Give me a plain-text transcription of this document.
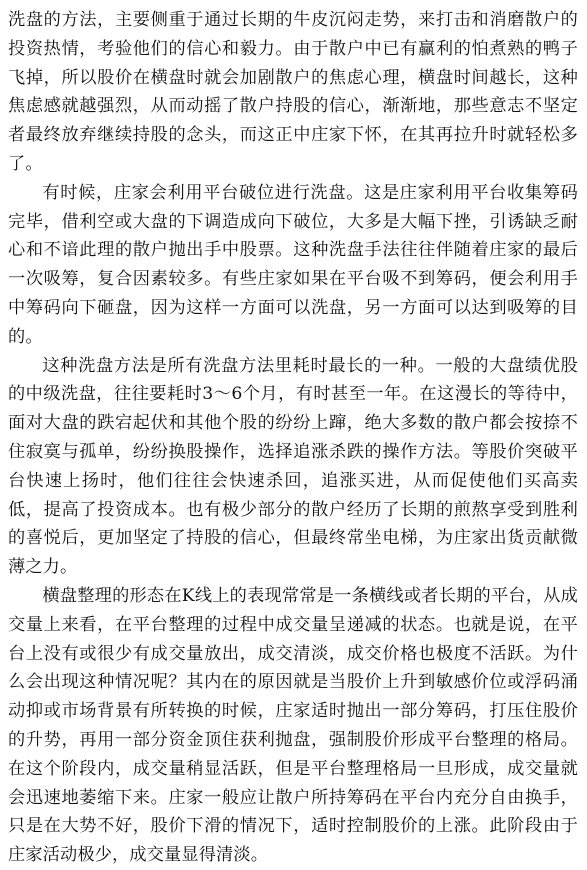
洗盘的方法，主要侧重于通过长期的牛皮沉闷走势，来打击和消磨散户的投资热情，考验他们的信心和毅力。由于散户中已有赢利的怕煮熟的鸭子飞掉，所以股价在横盘时就会加剧散户的焦虑心理，横盘时间越长，这种焦虑感就越强烈，从而动摇了散户持股的信心，渐渐地，那些意志不坚定者最终放弃继续持股的念头，而这正中庄家下怀，在其再拉升时就轻松多了。

有时候，庄家会利用平台破位进行洗盘。这是庄家利用平台收集筹码完毕，借利空或大盘的下调造成向下破位，大多是大幅下挫，引诱缺乏耐心和不谙此理的散户抛出手中股票。这种洗盘手法往往伴随着庄家的最后一次吸筹，复合因素较多。有些庄家如果在平台吸不到筹码，便会利用手中筹码向下砸盘，因为这样一方面可以洗盘，另一方面可以达到吸筹的目的。

这种洗盘方法是所有洗盘方法里耗时最长的一种。一般的大盘绩优股的中级洗盘，往往要耗时3～6个月，有时甚至一年。在这漫长的等待中，面对大盘的跌宕起伏和其他个股的纷纷上蹿，绝大多数的散户都会按捺不住寂寞与孤单，纷纷换股操作，选择追涨杀跌的操作方法。等股价突破平台快速上扬时，他们往往会快速杀回，追涨买进，从而促使他们买高卖低，提高了投资成本。也有极少部分的散户经历了长期的煎熬享受到胜利的喜悦后，更加坚定了持股的信心，但最终常坐电梯，为庄家出货贡献微薄之力。

横盘整理的形态在K线上的表现常常是一条横线或者长期的平台，从成交量上来看，在平台整理的过程中成交量呈递减的状态。也就是说，在平台上没有或很少有成交量放出，成交清淡，成交价格也极度不活跃。为什么会出现这种情况呢？其内在的原因就是当股价上升到敏感价位或浮码涌动抑或市场背景有所转换的时候，庄家适时抛出一部分筹码，打压住股价的升势，再用一部分资金顶住获利抛盘，强制股价形成平台整理的格局。在这个阶段内，成交量稍显活跃，但是平台整理格局一旦形成，成交量就会迅速地萎缩下来。庄家一般应让散户所持筹码在平台内充分自由换手，只是在大势不好，股价下滑的情况下，适时控制股价的上涨。此阶段由于庄家活动极少，成交量显得清淡。
